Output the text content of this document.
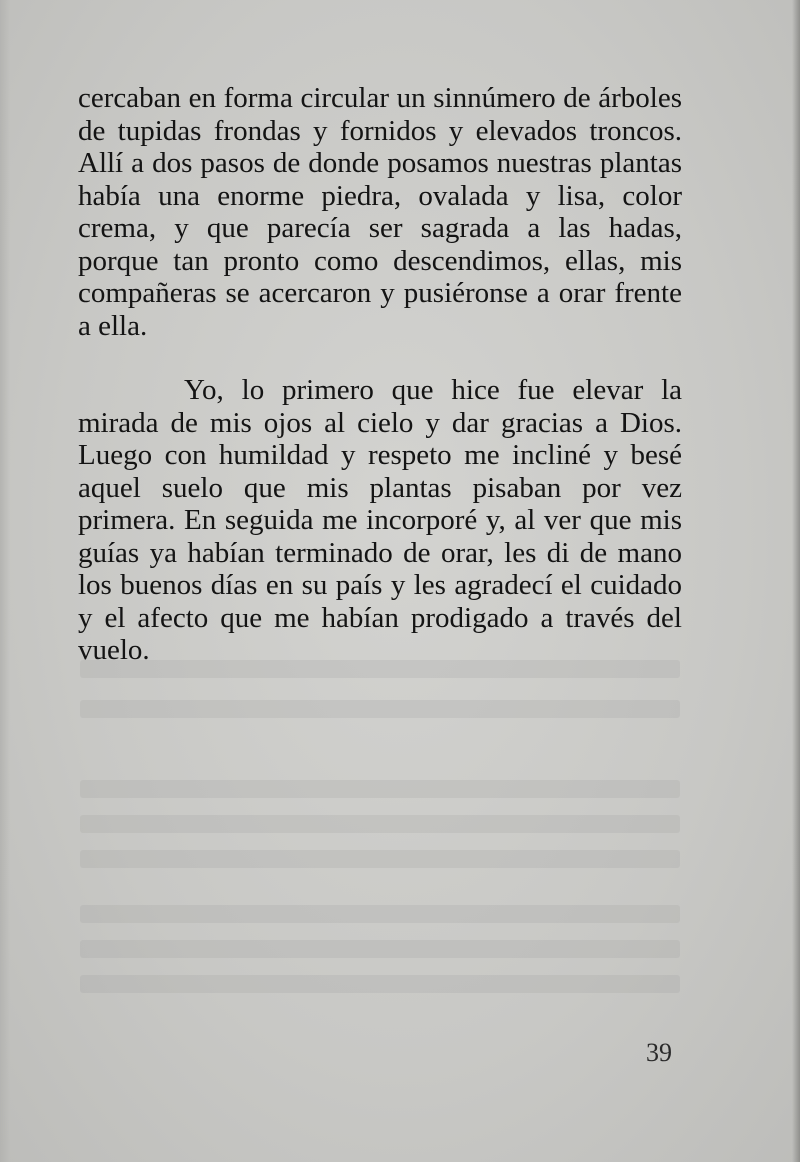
cercaban en forma circular un sinnúmero de árboles de tupidas frondas y fornidos y elevados troncos. Allí a dos pasos de donde posamos nuestras plantas había una enorme piedra, ovalada y lisa, color crema, y que parecía ser sagrada a las hadas, porque tan pronto como descendimos, ellas, mis compañeras se acercaron y pusiéronse a orar frente a ella.

Yo, lo primero que hice fue elevar la mirada de mis ojos al cielo y dar gracias a Dios. Luego con humildad y respeto me incliné y besé aquel suelo que mis plantas pisaban por vez primera. En seguida me incorporé y, al ver que mis guías ya habían terminado de orar, les di de mano los buenos días en su país y les agradecí el cuidado y el afecto que me habían prodigado a través del vuelo.

39
